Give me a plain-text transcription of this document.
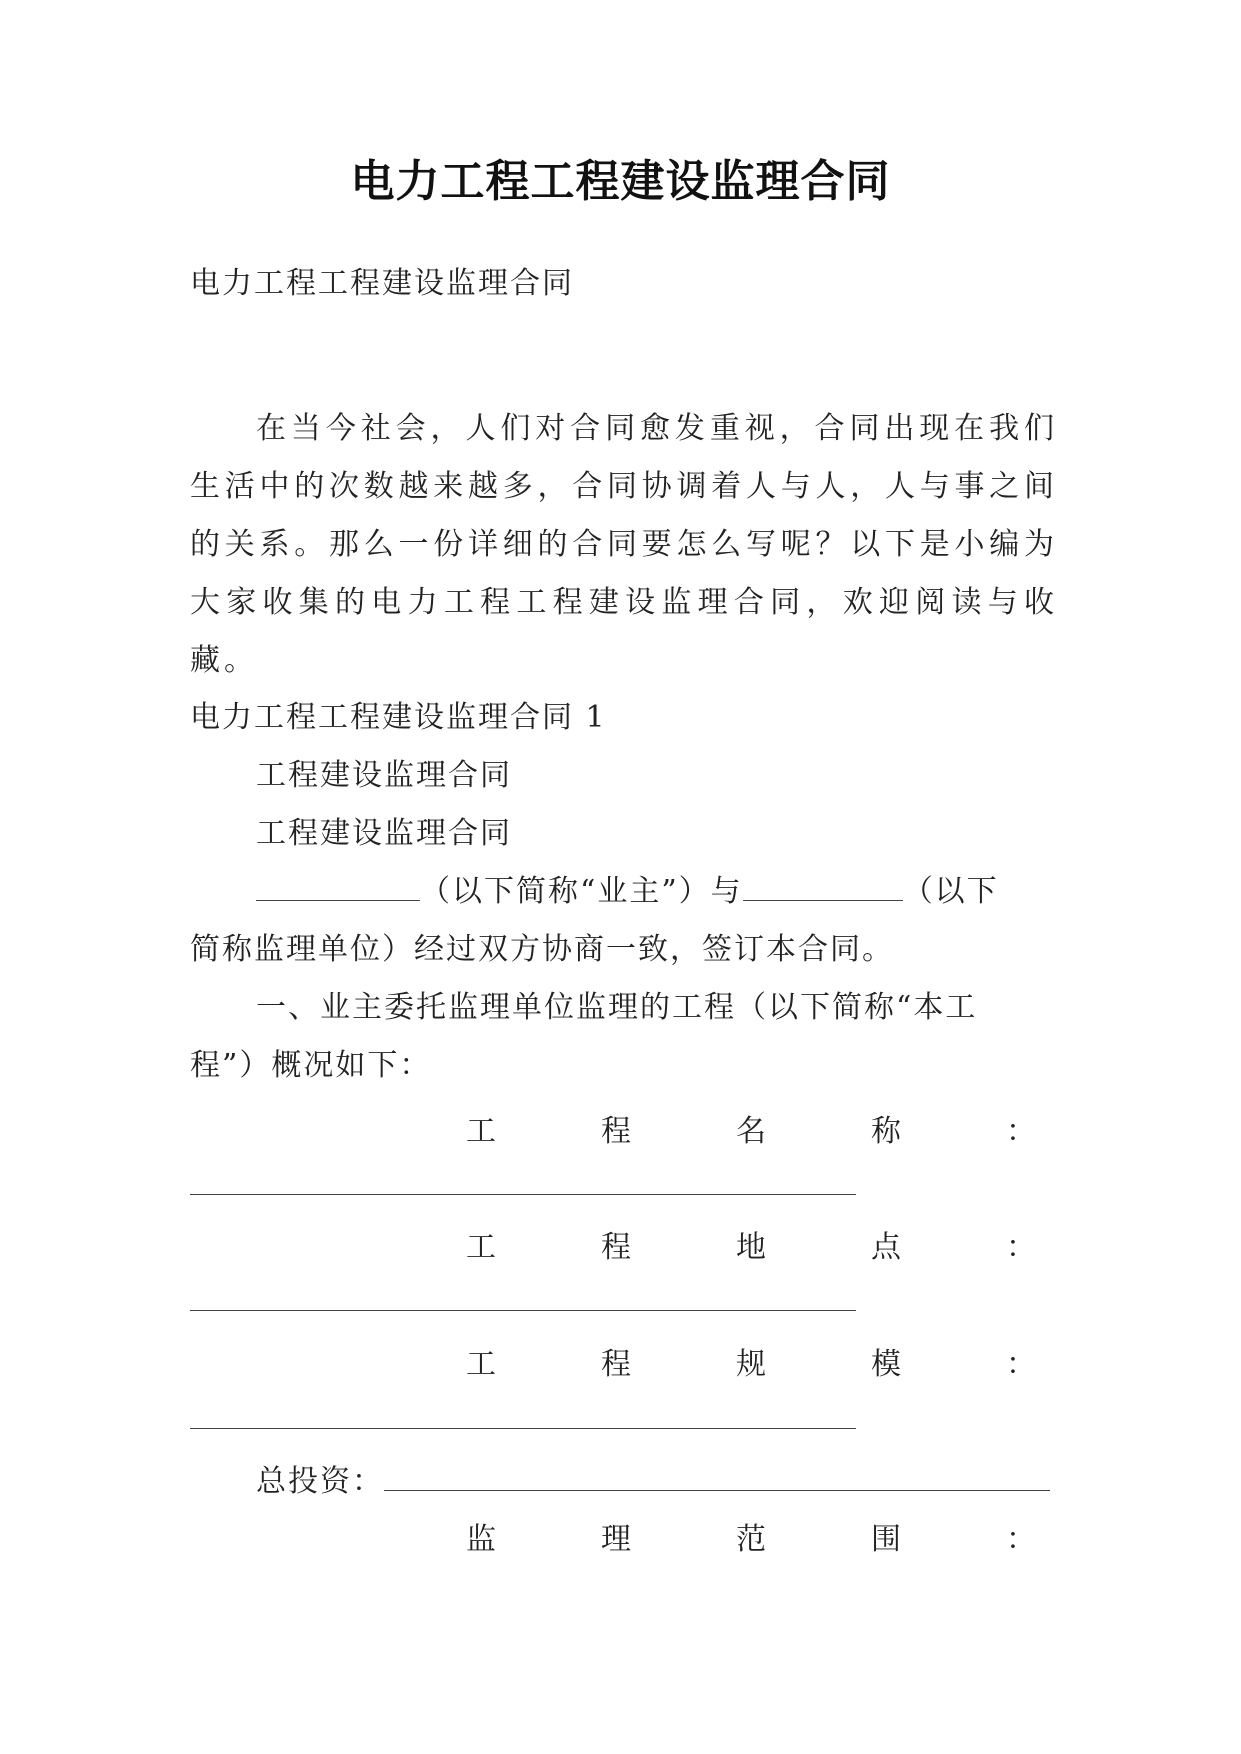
电力工程工程建设监理合同
电力工程工程建设监理合同
在当今社会，人们对合同愈发重视，合同出现在我们生活中的次数越来越多，合同协调着人与人，人与事之间的关系。那么一份详细的合同要怎么写呢？以下是小编为大家收集的电力工程工程建设监理合同，欢迎阅读与收藏。
电力工程工程建设监理合同 1
工程建设监理合同
工程建设监理合同
（以下简称“业主”）与	（以下
简称监理单位）经过双方协商一致，签订本合同。
一、业主委托监理单位监理的工程（以下简称“本工
程”）概况如下：
工	程	名	称	：
工	程	地	点	：
工	程	规	模	：
总投资：
监	理	范	围	：
